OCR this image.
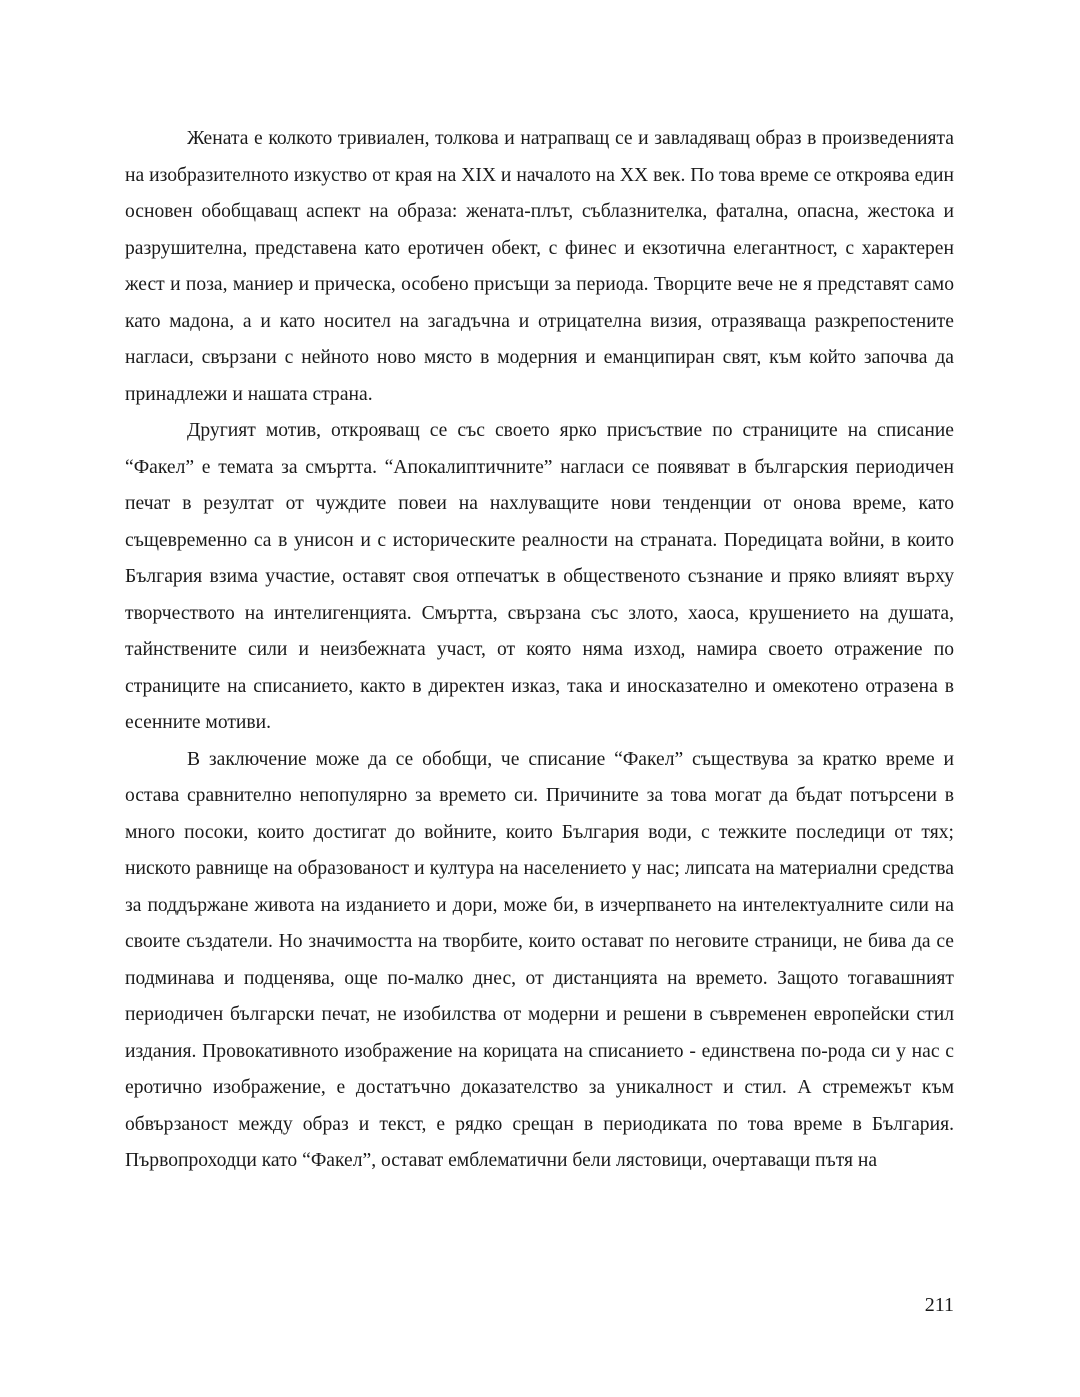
Жената е колкото тривиален, толкова и натрапващ се и завладяващ образ в произведенията на изобразителното изкуство от края на XIX и началото на XX век. По това време се откроява един основен обобщаващ аспект на образа: жената-плът, съблазнителка, фатална, опасна, жестока и разрушителна, представена като еротичен обект, с финес и екзотична елегантност, с характерен жест и поза, маниер и прическа, особено присъщи за периода. Творците вече не я представят само като мадона, а и като носител на загадъчна и отрицателна визия, отразяваща разкрепостените нагласи, свързани с нейното ново място в модерния и еманципиран свят, към който започва да принадлежи и нашата страна.

Другият мотив, открояващ се със своето ярко присъствие по страниците на списание “Факел” е темата за смъртта. “Апокалиптичните” нагласи се появяват в българския периодичен печат в резултат от чуждите повеи на нахлуващите нови тенденции от онова време, като същевременно са в унисон и с историческите реалности на страната. Поредицата войни, в които България взима участие, оставят своя отпечатък в общественото съзнание и пряко влияят върху творчеството на интелигенцията. Смъртта, свързана със злото, хаоса, крушението на душата, тайнствените сили и неизбежната участ, от която няма изход, намира своето отражение по страниците на списанието, както в директен изказ, така и иносказателно и омекотено отразена в есенните мотиви.

В заключение може да се обобщи, че списание “Факел” съществува за кратко време и остава сравнително непопулярно за времето си. Причините за това могат да бъдат потърсени в много посоки, които достигат до войните, които България води, с тежките последици от тях; ниското равнище на образованост и култура на населението у нас; липсата на материални средства за поддържане живота на изданието и дори, може би, в изчерпването на интелектуалните сили на своите създатели. Но значимостта на творбите, които остават по неговите страници, не бива да се подминава и подценява, още по-малко днес, от дистанцията на времето. Защото тогавашният периодичен български печат, не изобилства от модерни и решени в съвременен европейски стил издания. Провокативното изображение на корицата на списанието - единствена по-рода си у нас с еротично изображение, е достатъчно доказателство за уникалност и стил. А стремежът към обвързаност между образ и текст, е рядко срещан в периодиката по това време в България. Първопроходци като “Факел”, остават емблематични бели лястовици, очертаващи пътя на

211
